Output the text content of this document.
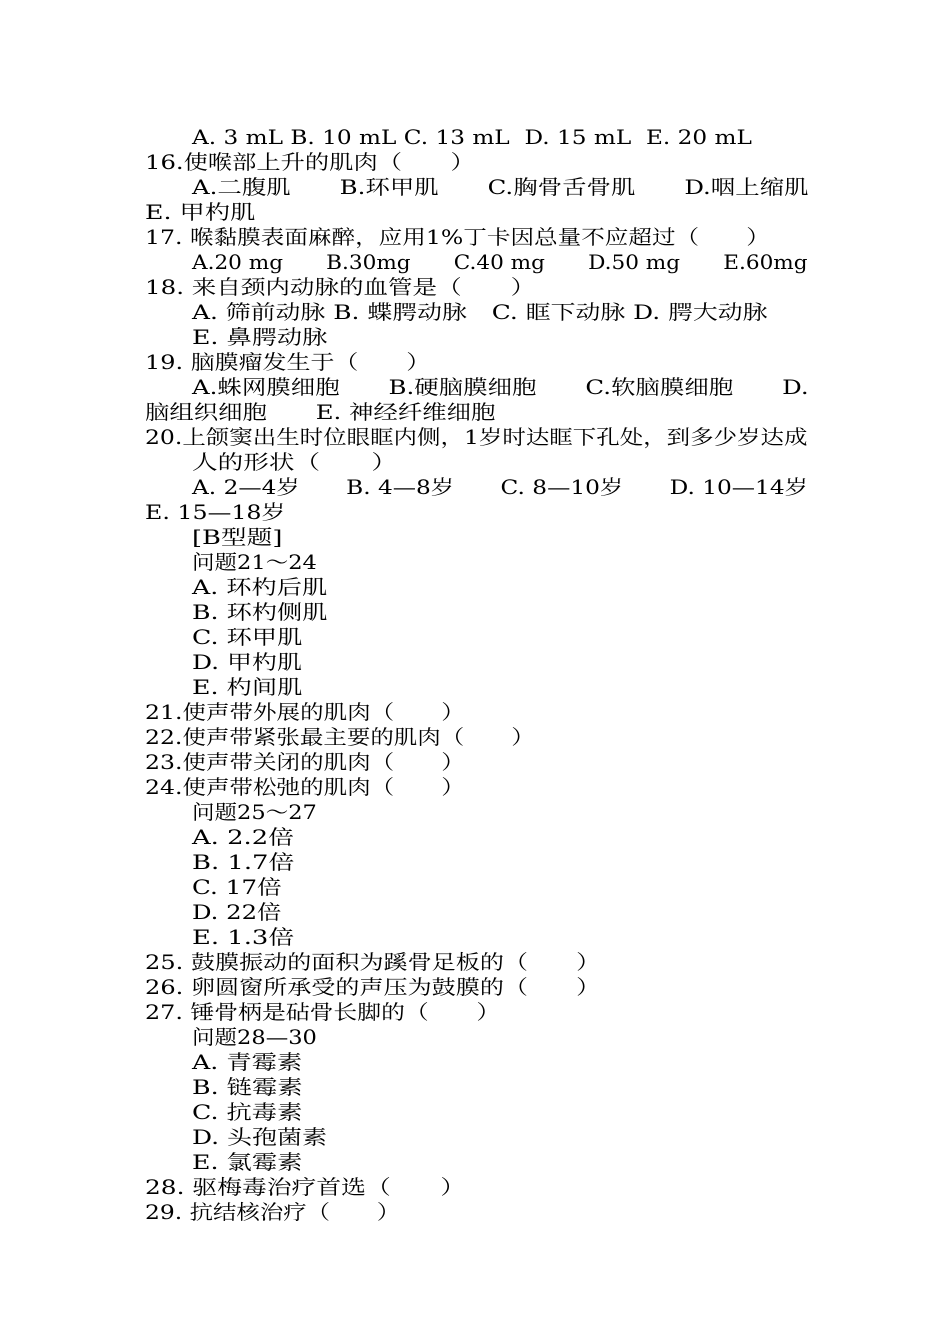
A. 3 mL B. 10 mL C. 13 mL  D. 15 mL  E. 20 mL
16.使喉部上升的肌肉（　　）
A.二腹肌　　B.环甲肌　　C.胸骨舌骨肌　　D.咽上缩肌
E. 甲杓肌
17. 喉黏膜表面麻醉，应用1%丁卡因总量不应超过（　　）
A.20 mg　　B.30mg　　C.40 mg　　D.50 mg　　E.60mg
18. 来自颈内动脉的血管是（　　）
A. 筛前动脉 B. 蝶腭动脉　C. 眶下动脉 D. 腭大动脉
E. 鼻腭动脉
19. 脑膜瘤发生于（　　）
A.蛛网膜细胞　　B.硬脑膜细胞　　C.软脑膜细胞　　D.
脑组织细胞　　E. 神经纤维细胞
20.上颌窦出生时位眼眶内侧，1岁时达眶下孔处，到多少岁达成
人的形状（　　）
A. 2—4岁　　B. 4—8岁　　C. 8—10岁　　D. 10—14岁
E. 15—18岁
[B型题]
问题21～24
A. 环杓后肌
B. 环杓侧肌
C. 环甲肌
D. 甲杓肌
E. 杓间肌
21.使声带外展的肌肉（　　）
22.使声带紧张最主要的肌肉（　　）
23.使声带关闭的肌肉（　　）
24.使声带松弛的肌肉（　　）
问题25～27
A. 2.2倍
B. 1.7倍
C. 17倍
D. 22倍
E. 1.3倍
25. 鼓膜振动的面积为蹊骨足板的（　　）
26. 卵圆窗所承受的声压为鼓膜的（　　）
27. 锤骨柄是砧骨长脚的（　　）
问题28—30
A. 青霉素
B. 链霉素
C. 抗毒素
D. 头孢菌素
E. 氯霉素
28. 驱梅毒治疗首选（　　）
29. 抗结核治疗（　　）
